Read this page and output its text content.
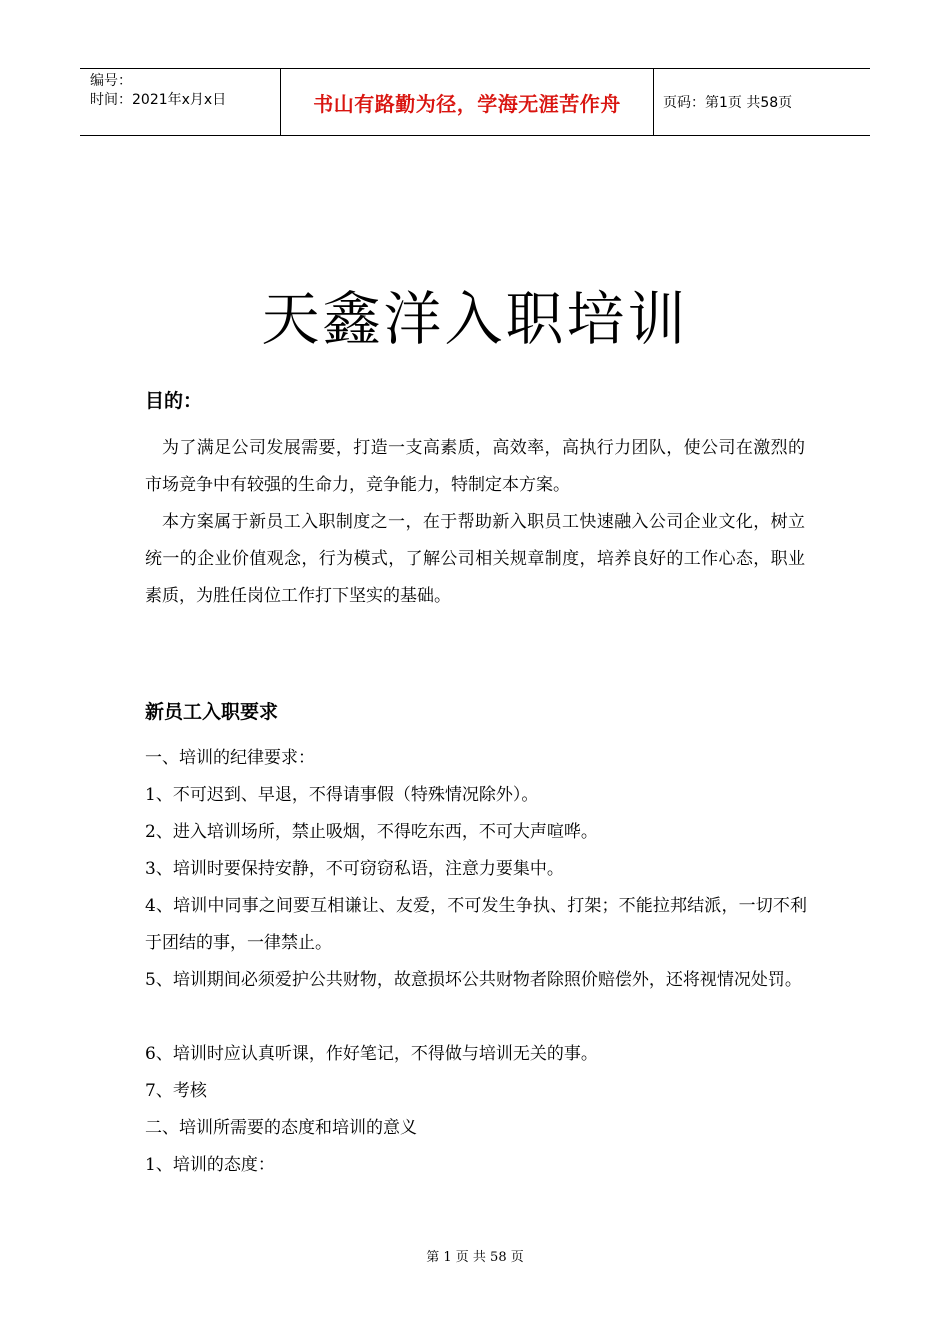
编号：
时间：2021年x月x日	书山有路勤为径，学海无涯苦作舟	页码：第1页 共58页
天鑫洋入职培训
目的：
为了满足公司发展需要，打造一支高素质，高效率，高执行力团队，使公司在激烈的市场竞争中有较强的生命力，竞争能力，特制定本方案。
本方案属于新员工入职制度之一，在于帮助新入职员工快速融入公司企业文化，树立统一的企业价值观念，行为模式，了解公司相关规章制度，培养良好的工作心态，职业素质，为胜任岗位工作打下坚实的基础。
新员工入职要求
一、培训的纪律要求：
1、不可迟到、早退，不得请事假（特殊情况除外）。
2、进入培训场所，禁止吸烟，不得吃东西，不可大声喧哗。
3、培训时要保持安静，不可窃窃私语，注意力要集中。
4、培训中同事之间要互相谦让、友爱，不可发生争执、打架；不能拉邦结派，一切不利于团结的事，一律禁止。
5、培训期间必须爱护公共财物，故意损坏公共财物者除照价赔偿外，还将视情况处罚。
6、培训时应认真听课，作好笔记，不得做与培训无关的事。
7、考核
二、培训所需要的态度和培训的意义
1、培训的态度：
第 1 页 共 58 页
